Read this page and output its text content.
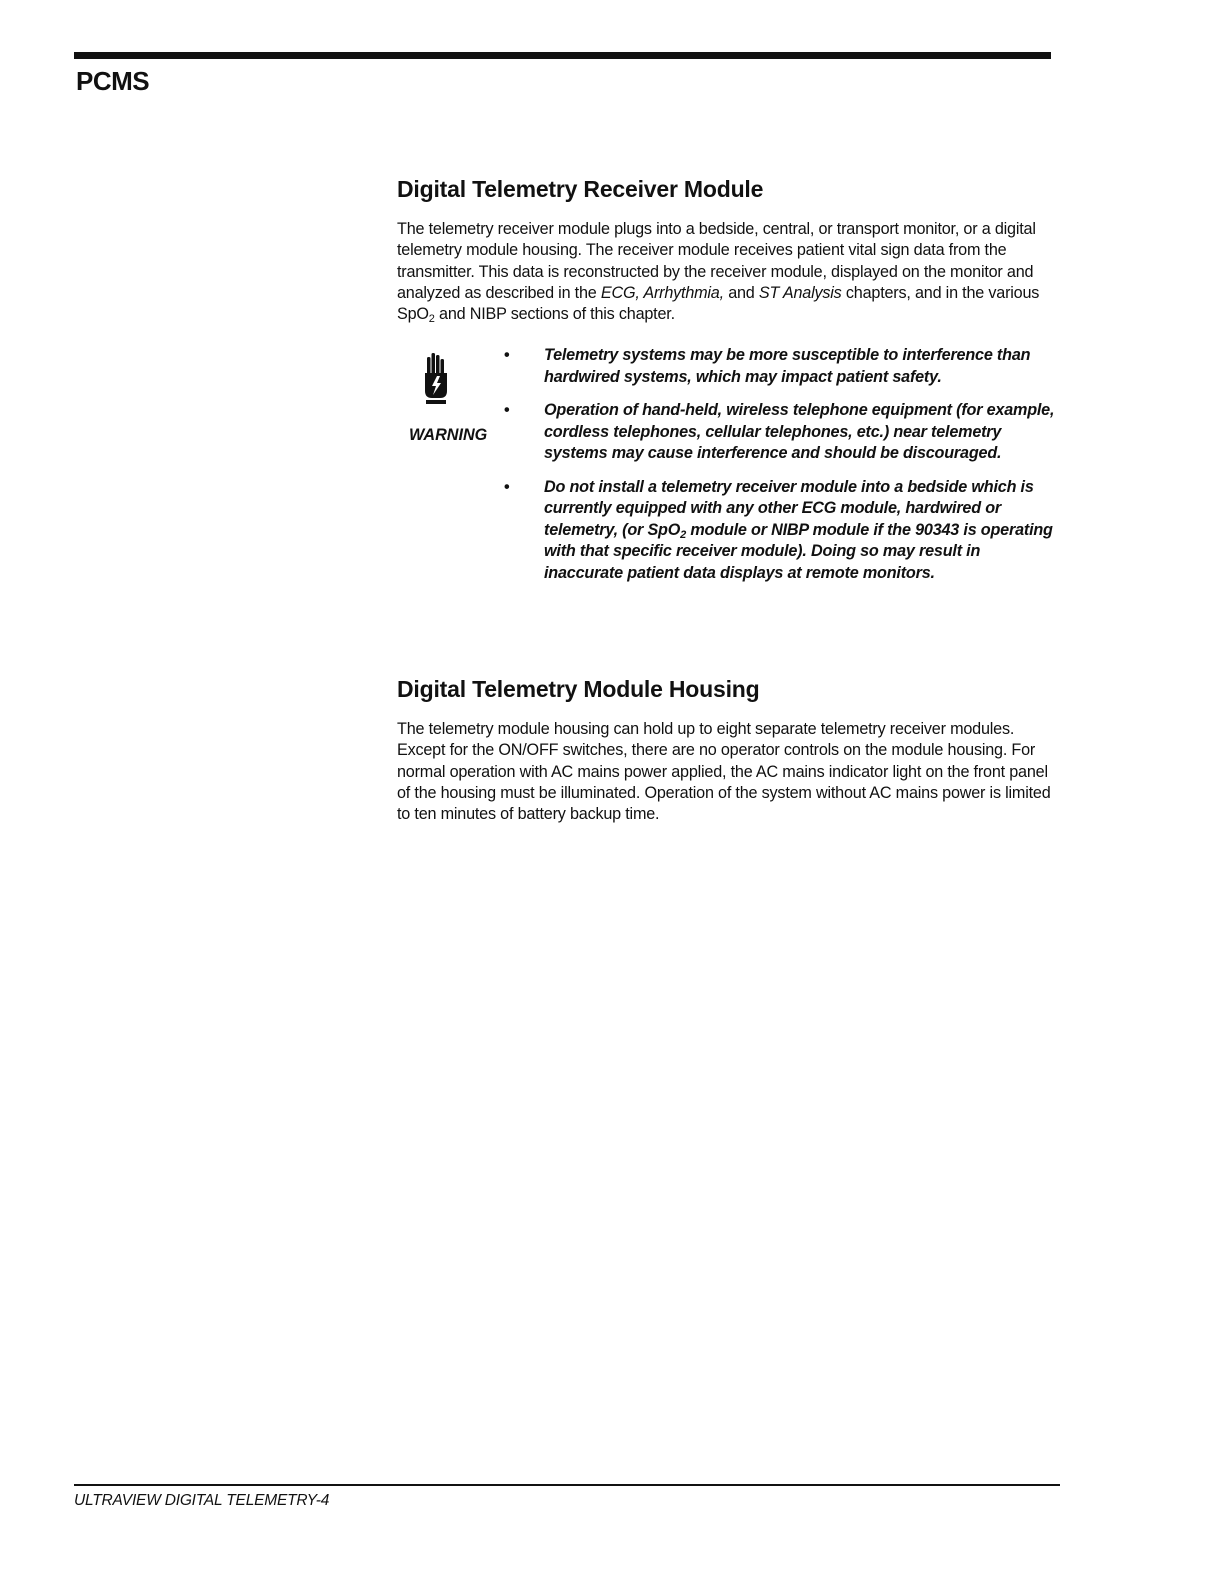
PCMS
Digital Telemetry Receiver Module

The telemetry receiver module plugs into a bedside, central, or transport monitor, or a digital telemetry module housing. The receiver module receives patient vital sign data from the transmitter. This data is reconstructed by the receiver module, displayed on the monitor and analyzed as described in the ECG, Arrhythmia, and ST Analysis chapters, and in the various SpO$_2$ and NIBP sections of this chapter.

WARNING
• Telemetry systems may be more susceptible to interference than hardwired systems, which may impact patient safety.
• Operation of hand-held, wireless telephone equipment (for example, cordless telephones, cellular telephones, etc.) near telemetry systems may cause interference and should be discouraged.
• Do not install a telemetry receiver module into a bedside which is currently equipped with any other ECG module, hardwired or telemetry, (or SpO$_2$ module or NIBP module if the 90343 is operating with that specific receiver module). Doing so may result in inaccurate patient data displays at remote monitors.
Digital Telemetry Module Housing

The telemetry module housing can hold up to eight separate telemetry receiver modules. Except for the ON/OFF switches, there are no operator controls on the module housing. For normal operation with AC mains power applied, the AC mains indicator light on the front panel of the housing must be illuminated. Operation of the system without AC mains power is limited to ten minutes of battery backup time.

ULTRAVIEW DIGITAL TELEMETRY-4
